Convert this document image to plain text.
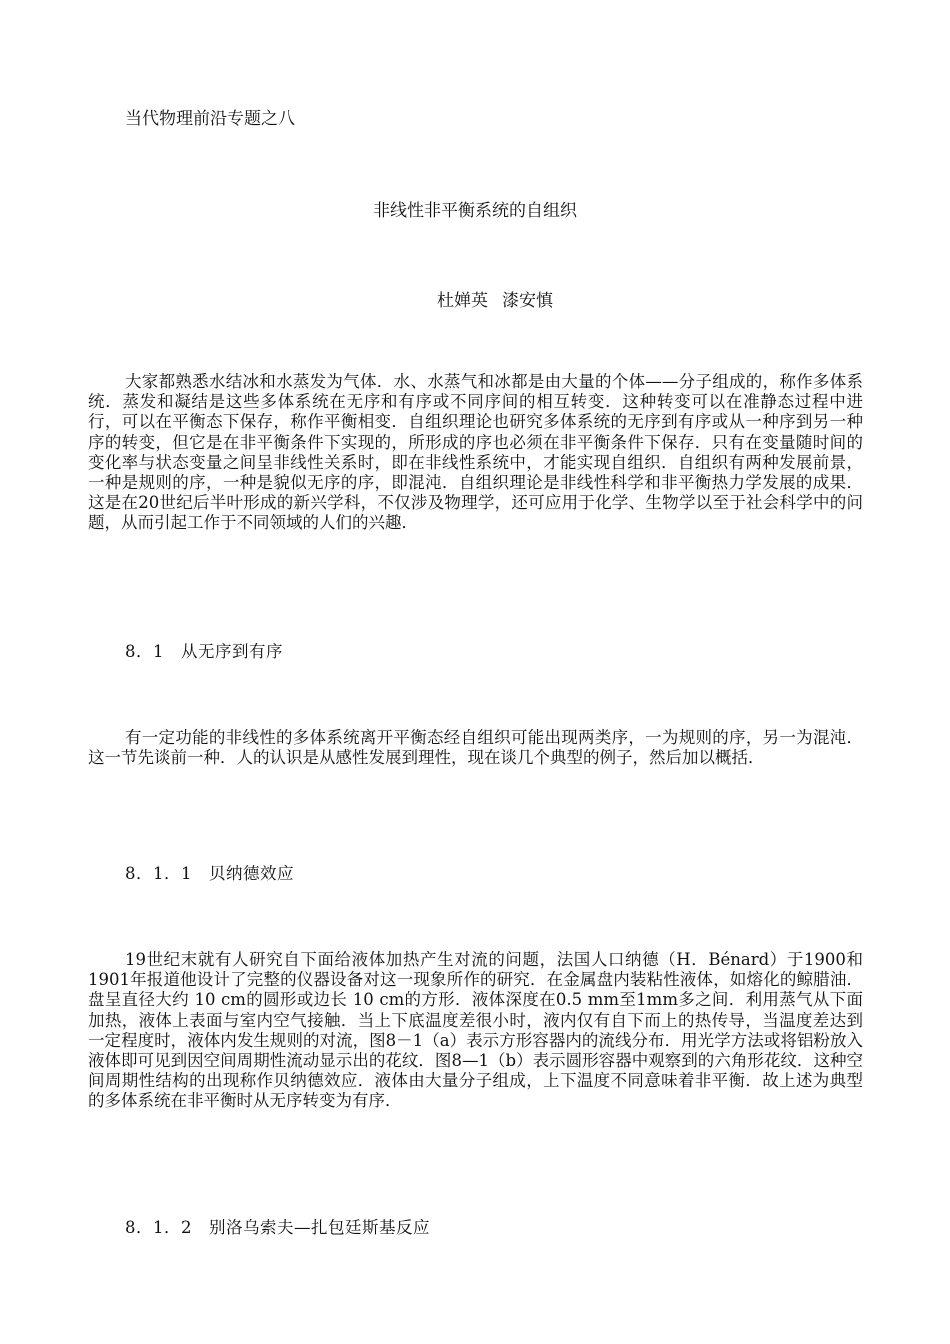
当代物理前沿专题之八
非线性非平衡系统的自组织
杜婵英 漆安慎

大家都熟悉水结冰和水蒸发为气体．水、水蒸气和冰都是由大量的个体——分子组成的，称作多体系统．蒸发和凝结是这些多体系统在无序和有序或不同序间的相互转变．这种转变可以在准静态过程中进行，可以在平衡态下保存，称作平衡相变．自组织理论也研究多体系统的无序到有序或从一种序到另一种序的转变，但它是在非平衡条件下实现的，所形成的序也必须在非平衡条件下保存．只有在变量随时间的变化率与状态变量之间呈非线性关系时，即在非线性系统中，才能实现自组织．自组织有两种发展前景，一种是规则的序，一种是貌似无序的序，即混沌．自组织理论是非线性科学和非平衡热力学发展的成果．这是在20世纪后半叶形成的新兴学科，不仅涉及物理学，还可应用于化学、生物学以至于社会科学中的问题，从而引起工作于不同领域的人们的兴趣．

8．1　从无序到有序

有一定功能的非线性的多体系统离开平衡态经自组织可能出现两类序，一为规则的序，另一为混沌．这一节先谈前一种．人的认识是从感性发展到理性，现在谈几个典型的例子，然后加以概括．

8．1．1　贝纳德效应

19世纪末就有人研究自下面给液体加热产生对流的问题，法国人口纳德（H．Bénard）于1900和1901年报道他设计了完整的仪器设备对这一现象所作的研究．在金属盘内装粘性液体，如熔化的鲸腊油．盘呈直径大约 10 cm的圆形或边长 10 cm的方形．液体深度在0.5 mm至1mm多之间．利用蒸气从下面加热，液体上表面与室内空气接触．当上下底温度差很小时，液内仅有自下而上的热传导，当温度差达到一定程度时，液体内发生规则的对流，图8－1（a）表示方形容器内的流线分布．用光学方法或将铝粉放入液体即可见到因空间周期性流动显示出的花纹．图8—1（b）表示圆形容器中观察到的六角形花纹．这种空间周期性结构的出现称作贝纳德效应．液体由大量分子组成，上下温度不同意味着非平衡．故上述为典型的多体系统在非平衡时从无序转变为有序．

8．1．2　别洛乌索夫—扎包廷斯基反应
